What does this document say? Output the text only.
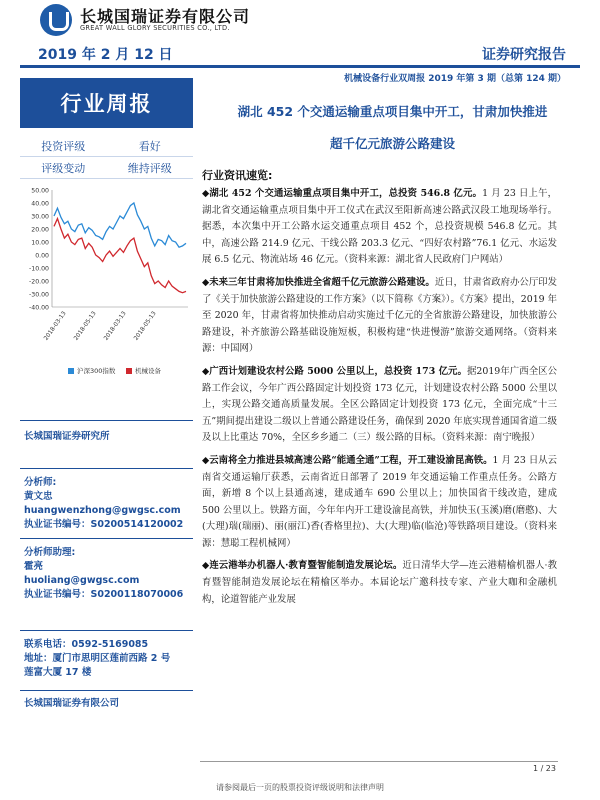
长城国瑞证券有限公司
GREAT WALL GLORY SECURITIES CO., LTD.
2019 年 2 月 12 日	证券研究报告
机械设备行业双周报 2019 年第 3 期（总第 124 期）
行业周报	湖北 452 个交通运输重点项目集中开工，甘肃加快推进
超千亿元旅游公路建设
投资评级	看好
评级变动	维持评级
50.00
40.00
30.00
20.00
10.00
0.00
-10.00
-20.00
-30.00
-40.00
2018-03-13 2018-05-13 2018-03-13 2018-05-13
沪深300指数	机械设备
长城国瑞证券研究所
分析师:
黄文忠
huangwenzhong@gwgsc.com
执业证书编号：S0200514120002
分析师助理:
霍亮
huoliang@gwgsc.com
执业证书编号：S0200118070006
联系电话：0592-5169085
地址：厦门市思明区莲前西路 2 号
莲富大厦 17 楼
长城国瑞证券有限公司
行业资讯速览:

◆湖北 452 个交通运输重点项目集中开工，总投资 546.8 亿元。1 月 23 日上午，湖北省交通运输重点项目集中开工仪式在武汉至阳新高速公路武汉段工地现场举行。据悉，本次集中开工公路水运交通重点项目 452 个，总投资规模 546.8 亿元。其中，高速公路 214.9 亿元、干线公路 203.3 亿元、“四好农村路”76.1 亿元、水运发展 6.5 亿元、物流站场 46 亿元。（资料来源：湖北省人民政府门户网站）

◆未来三年甘肃将加快推进全省超千亿元旅游公路建设。近日，甘肃省政府办公厅印发了《关于加快旅游公路建设的工作方案》（以下简称《方案》）。《方案》提出，2019 年至 2020 年，甘肃省将加快推动启动实施过千亿元的全省旅游公路建设，加快旅游公路建设，补齐旅游公路基础设施短板，积极构建“快进慢游”旅游交通网络。（资料来源：中国网）

◆广西计划建设农村公路 5000 公里以上，总投资 173 亿元。据2019年广西全区公路工作会议，今年广西公路固定计划投资 173 亿元，计划建设农村公路 5000 公里以上，实现公路交通高质量发展。全区公路固定计划投资 173 亿元，全面完成“十三五”期间提出建设二级以上普通公路建设任务，确保到 2020 年底实现普通国省道二级及以上比重达 70%，全区乡乡通二（三）级公路的目标。（资料来源：南宁晚报）

◆云南将全力推进县城高速公路“能通全通”工程，开工建设渝昆高铁。1 月 23 日从云南省交通运输厅获悉，云南省近日部署了 2019 年交通运输工作重点任务。公路方面，新增 8 个以上县通高速，建成通车 690 公里以上；加快国省干线改造，建成 500 公里以上。铁路方面，今年年内开工建设渝昆高铁，并加快玉(玉溪)磨(磨憨)、大(大理)瑞(瑞丽)、丽(丽江)香(香格里拉)、大(大理)临(临沧)等铁路项目建设。（资料来源：慧聪工程机械网）

◆连云港举办机器人·教育暨智能制造发展论坛。近日清华大学—连云港精榆机器人·教育暨智能制造发展论坛在精榆区举办。本届论坛广邀科技专家、产业大咖和金融机构，论道智能产业发展

1 / 23
请参阅最后一页的股票投资评级说明和法律声明
